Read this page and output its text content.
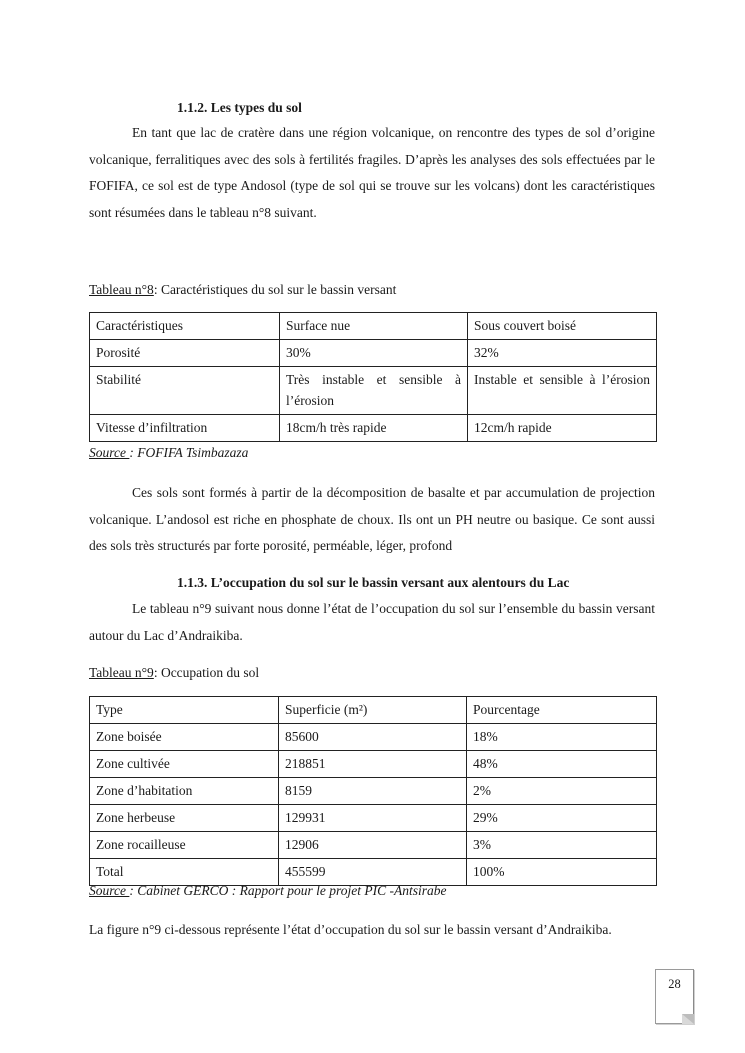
1.1.2. Les types du sol
En tant que lac de cratère dans une région volcanique, on rencontre des types de sol d’origine volcanique, ferralitiques avec des sols à fertilités fragiles. D’après les analyses des sols effectuées par le FOFIFA, ce sol est de type Andosol (type de sol qui se trouve sur les volcans) dont les caractéristiques sont résumées dans le tableau n°8 suivant.
Tableau n°8: Caractéristiques du sol sur le bassin versant
Caractéristiques	Surface nue	Sous couvert boisé
Porosité	30%	32%
Stabilité	Très instable et sensible à l’érosion	Instable et sensible à l’érosion
Vitesse d’infiltration	18cm/h très rapide	12cm/h rapide
Source : FOFIFA Tsimbazaza
Ces sols sont formés à partir de la décomposition de basalte et par accumulation de projection volcanique. L’andosol est riche en phosphate de choux. Ils ont un PH neutre ou basique. Ce sont aussi des sols très structurés par forte porosité, perméable, léger, profond
1.1.3. L’occupation du sol sur le bassin versant aux alentours du Lac
Le tableau n°9 suivant nous donne l’état de l’occupation du sol sur l’ensemble du bassin versant autour du Lac d’Andraikiba.
Tableau n°9: Occupation du sol
Type	Superficie (m²)	Pourcentage
Zone boisée	85600	18%
Zone cultivée	218851	48%
Zone d’habitation	8159	2%
Zone herbeuse	129931	29%
Zone rocailleuse	12906	3%
Total	455599	100%
Source : Cabinet GERCO : Rapport pour le projet PIC -Antsirabe
La figure n°9 ci-dessous représente l’état d’occupation du sol sur le bassin versant d’Andraikiba.
28
